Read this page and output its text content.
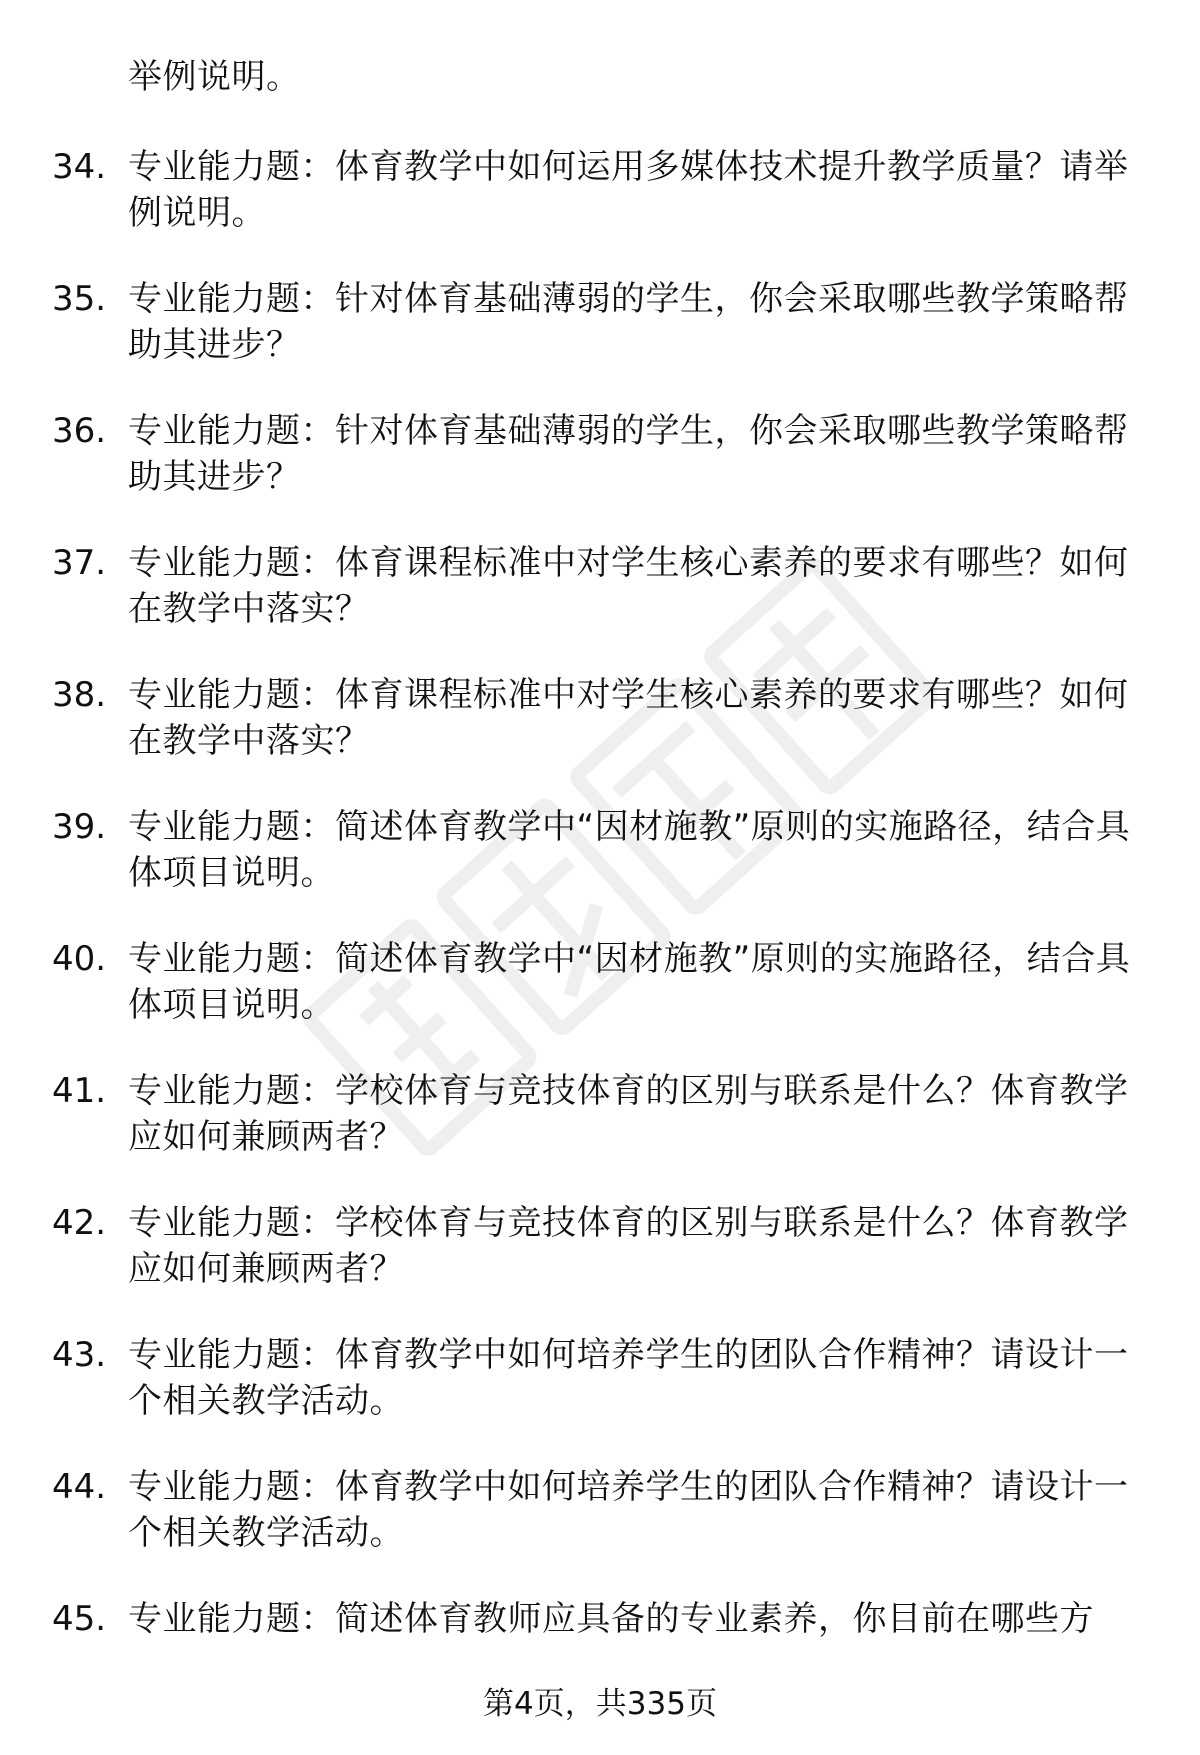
举例说明。
34. 专业能力题：体育教学中如何运用多媒体技术提升教学质量？请举例说明。
35. 专业能力题：针对体育基础薄弱的学生，你会采取哪些教学策略帮助其进步？
36. 专业能力题：针对体育基础薄弱的学生，你会采取哪些教学策略帮助其进步？
37. 专业能力题：体育课程标准中对学生核心素养的要求有哪些？如何在教学中落实？
38. 专业能力题：体育课程标准中对学生核心素养的要求有哪些？如何在教学中落实？
39. 专业能力题：简述体育教学中“因材施教”原则的实施路径，结合具体项目说明。
40. 专业能力题：简述体育教学中“因材施教”原则的实施路径，结合具体项目说明。
41. 专业能力题：学校体育与竞技体育的区别与联系是什么？体育教学应如何兼顾两者？
42. 专业能力题：学校体育与竞技体育的区别与联系是什么？体育教学应如何兼顾两者？
43. 专业能力题：体育教学中如何培养学生的团队合作精神？请设计一个相关教学活动。
44. 专业能力题：体育教学中如何培养学生的团队合作精神？请设计一个相关教学活动。
45. 专业能力题：简述体育教师应具备的专业素养，你目前在哪些方
第4页，共335页
